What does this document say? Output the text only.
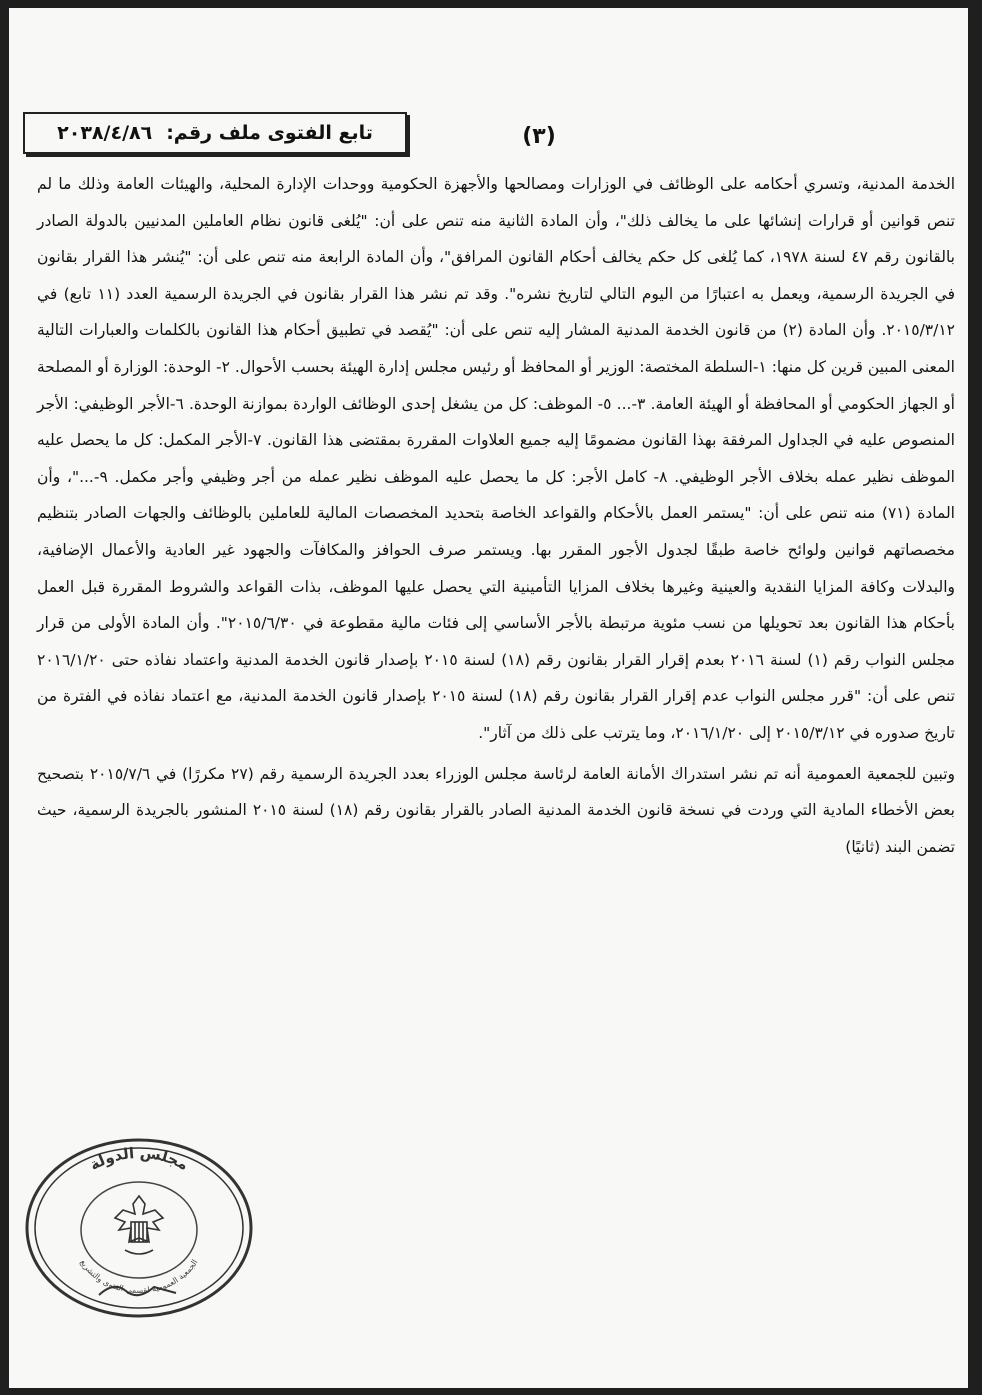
تابع الفتوى ملف رقم:
٢٠٣٨/٤/٨٦	(٣)

الخدمة المدنية، وتسري أحكامه على الوظائف في الوزارات ومصالحها والأجهزة الحكومية ووحدات الإدارة المحلية، والهيئات العامة وذلك ما لم تنص قوانين أو قرارات إنشائها على ما يخالف ذلك"، وأن المادة الثانية منه تنص على أن: "يُلغى قانون نظام العاملين المدنيين بالدولة الصادر بالقانون رقم ٤٧ لسنة ١٩٧٨، كما يُلغى كل حكم يخالف أحكام القانون المرافق"، وأن المادة الرابعة منه تنص على أن: "يُنشر هذا القرار بقانون في الجريدة الرسمية، ويعمل به اعتبارًا من اليوم التالي لتاريخ نشره". وقد تم نشر هذا القرار بقانون في الجريدة الرسمية العدد (١١ تابع) في ٢٠١٥/٣/١٢. وأن المادة (٢) من قانون الخدمة المدنية المشار إليه تنص على أن: "يُقصد في تطبيق أحكام هذا القانون بالكلمات والعبارات التالية المعنى المبين قرين كل منها: ١-السلطة المختصة: الوزير أو المحافظ أو رئيس مجلس إدارة الهيئة بحسب الأحوال. ٢- الوحدة: الوزارة أو المصلحة أو الجهاز الحكومي أو المحافظة أو الهيئة العامة. ٣-... ٥- الموظف: كل من يشغل إحدى الوظائف الواردة بموازنة الوحدة. ٦-الأجر الوظيفي: الأجر المنصوص عليه في الجداول المرفقة بهذا القانون مضمومًا إليه جميع العلاوات المقررة بمقتضى هذا القانون. ٧-الأجر المكمل: كل ما يحصل عليه الموظف نظير عمله بخلاف الأجر الوظيفي. ٨- كامل الأجر: كل ما يحصل عليه الموظف نظير عمله من أجر وظيفي وأجر مكمل. ٩-..."، وأن المادة (٧١) منه تنص على أن: "يستمر العمل بالأحكام والقواعد الخاصة بتحديد المخصصات المالية للعاملين بالوظائف والجهات الصادر بتنظيم مخصصاتهم قوانين ولوائح خاصة طبقًا لجدول الأجور المقرر بها. ويستمر صرف الحوافز والمكافآت والجهود غير العادية والأعمال الإضافية، والبدلات وكافة المزايا النقدية والعينية وغيرها بخلاف المزايا التأمينية التي يحصل عليها الموظف، بذات القواعد والشروط المقررة قبل العمل بأحكام هذا القانون بعد تحويلها من نسب مئوية مرتبطة بالأجر الأساسي إلى فئات مالية مقطوعة في ٢٠١٥/٦/٣٠". وأن المادة الأولى من قرار مجلس النواب رقم (١) لسنة ٢٠١٦ بعدم إقرار القرار بقانون رقم (١٨) لسنة ٢٠١٥ بإصدار قانون الخدمة المدنية واعتماد نفاذه حتى ٢٠١٦/١/٢٠ تنص على أن: "قرر مجلس النواب عدم إقرار القرار بقانون رقم (١٨) لسنة ٢٠١٥ بإصدار قانون الخدمة المدنية، مع اعتماد نفاذه في الفترة من تاريخ صدوره في ٢٠١٥/٣/١٢ إلى ٢٠١٦/١/٢٠، وما يترتب على ذلك من آثار".

وتبين للجمعية العمومية أنه تم نشر استدراك الأمانة العامة لرئاسة مجلس الوزراء بعدد الجريدة الرسمية رقم (٢٧ مكررًا) في ٢٠١٥/٧/٦ بتصحيح بعض الأخطاء المادية التي وردت في نسخة قانون الخدمة المدنية الصادر بالقرار بقانون رقم (١٨) لسنة ٢٠١٥ المنشور بالجريدة الرسمية، حيث تضمن البند (ثانيًا)

مجلس الدولة
الجمعية العمومية لقسمي الفتوى والتشريع
